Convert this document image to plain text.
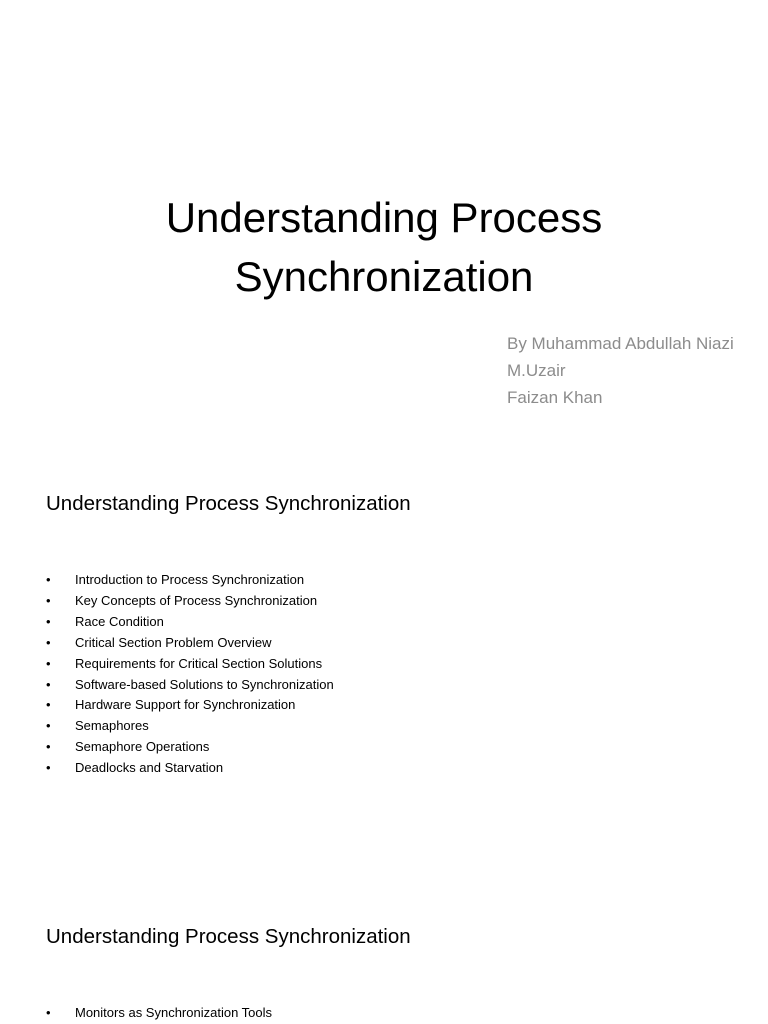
Understanding Process
Synchronization
By Muhammad Abdullah Niazi
M.Uzair
Faizan Khan
Understanding Process Synchronization
• Introduction to Process Synchronization
• Key Concepts of Process Synchronization
• Race Condition
• Critical Section Problem Overview
• Requirements for Critical Section Solutions
• Software-based Solutions to Synchronization
• Hardware Support for Synchronization
• Semaphores
• Semaphore Operations
• Deadlocks and Starvation
Understanding Process Synchronization
• Monitors as Synchronization Tools
